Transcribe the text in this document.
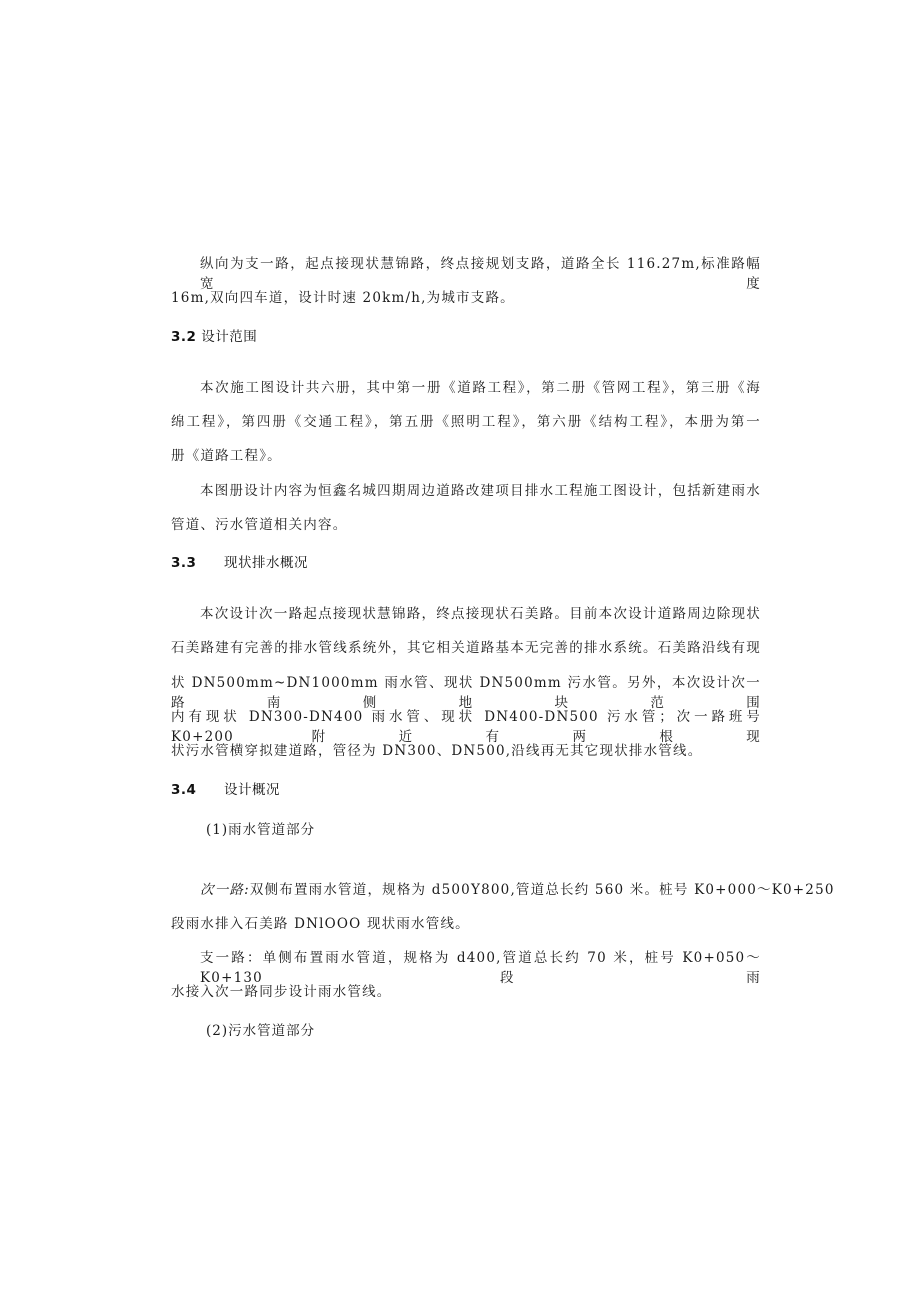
纵向为支一路，起点接现状慧锦路，终点接规划支路，道路全长 116.27m,标准路幅宽度
16m,双向四车道，设计时速 20km/h,为城市支路。
3.2 设计范围
本次施工图设计共六册，其中第一册《道路工程》，第二册《管网工程》，第三册《海
绵工程》，第四册《交通工程》，第五册《照明工程》，第六册《结构工程》，本册为第一
册《道路工程》。
本图册设计内容为恒鑫名城四期周边道路改建项目排水工程施工图设计，包括新建雨水
管道、污水管道相关内容。
3.3 现状排水概况
本次设计次一路起点接现状慧锦路，终点接现状石美路。目前本次设计道路周边除现状
石美路建有完善的排水管线系统外，其它相关道路基本无完善的排水系统。石美路沿线有现
状 DN500mm~DN1000mm 雨水管、现状 DN500mm 污水管。另外，本次设计次一路南侧地块范围
内有现状 DN300-DN400 雨水管、现状 DN400-DN500 污水管；次一路班号 K0+200 附近有两根现
状污水管横穿拟建道路，管径为 DN300、DN500,沿线再无其它现状排水管线。
3.4 设计概况
(1)雨水管道部分
次一路:双侧布置雨水管道，规格为 d500Y800,管道总长约 560 米。桩号 K0+000～K0+250
段雨水排入石美路 DNlOOO 现状雨水管线。
支一路：单侧布置雨水管道，规格为 d400,管道总长约 70 米，桩号 K0+050～K0+130 段雨
水接入次一路同步设计雨水管线。
(2)污水管道部分
